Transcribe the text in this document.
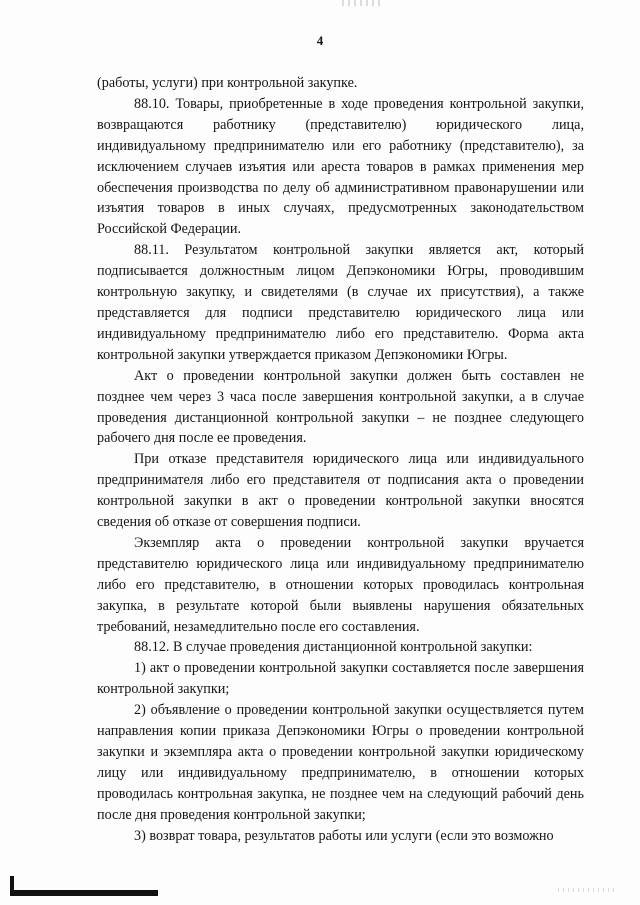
4

(работы, услуги) при контрольной закупке.

88.10. Товары, приобретенные в ходе проведения контрольной закупки, возвращаются работнику (представителю) юридического лица, индивидуальному предпринимателю или его работнику (представителю), за исключением случаев изъятия или ареста товаров в рамках применения мер обеспечения производства по делу об административном правонарушении или изъятия товаров в иных случаях, предусмотренных законодательством Российской Федерации.

88.11. Результатом контрольной закупки является акт, который подписывается должностным лицом Депэкономики Югры, проводившим контрольную закупку, и свидетелями (в случае их присутствия), а также представляется для подписи представителю юридического лица или индивидуальному предпринимателю либо его представителю. Форма акта контрольной закупки утверждается приказом Депэкономики Югры.

Акт о проведении контрольной закупки должен быть составлен не позднее чем через 3 часа после завершения контрольной закупки, а в случае проведения дистанционной контрольной закупки – не позднее следующего рабочего дня после ее проведения.

При отказе представителя юридического лица или индивидуального предпринимателя либо его представителя от подписания акта о проведении контрольной закупки в акт о проведении контрольной закупки вносятся сведения об отказе от совершения подписи.

Экземпляр акта о проведении контрольной закупки вручается представителю юридического лица или индивидуальному предпринимателю либо его представителю, в отношении которых проводилась контрольная закупка, в результате которой были выявлены нарушения обязательных требований, незамедлительно после его составления.

88.12. В случае проведения дистанционной контрольной закупки:

1) акт о проведении контрольной закупки составляется после завершения контрольной закупки;

2) объявление о проведении контрольной закупки осуществляется путем направления копии приказа Депэкономики Югры о проведении контрольной закупки и экземпляра акта о проведении контрольной закупки юридическому лицу или индивидуальному предпринимателю, в отношении которых проводилась контрольная закупка, не позднее чем на следующий рабочий день после дня проведения контрольной закупки;

3) возврат товара, результатов работы или услуги (если это возможно
